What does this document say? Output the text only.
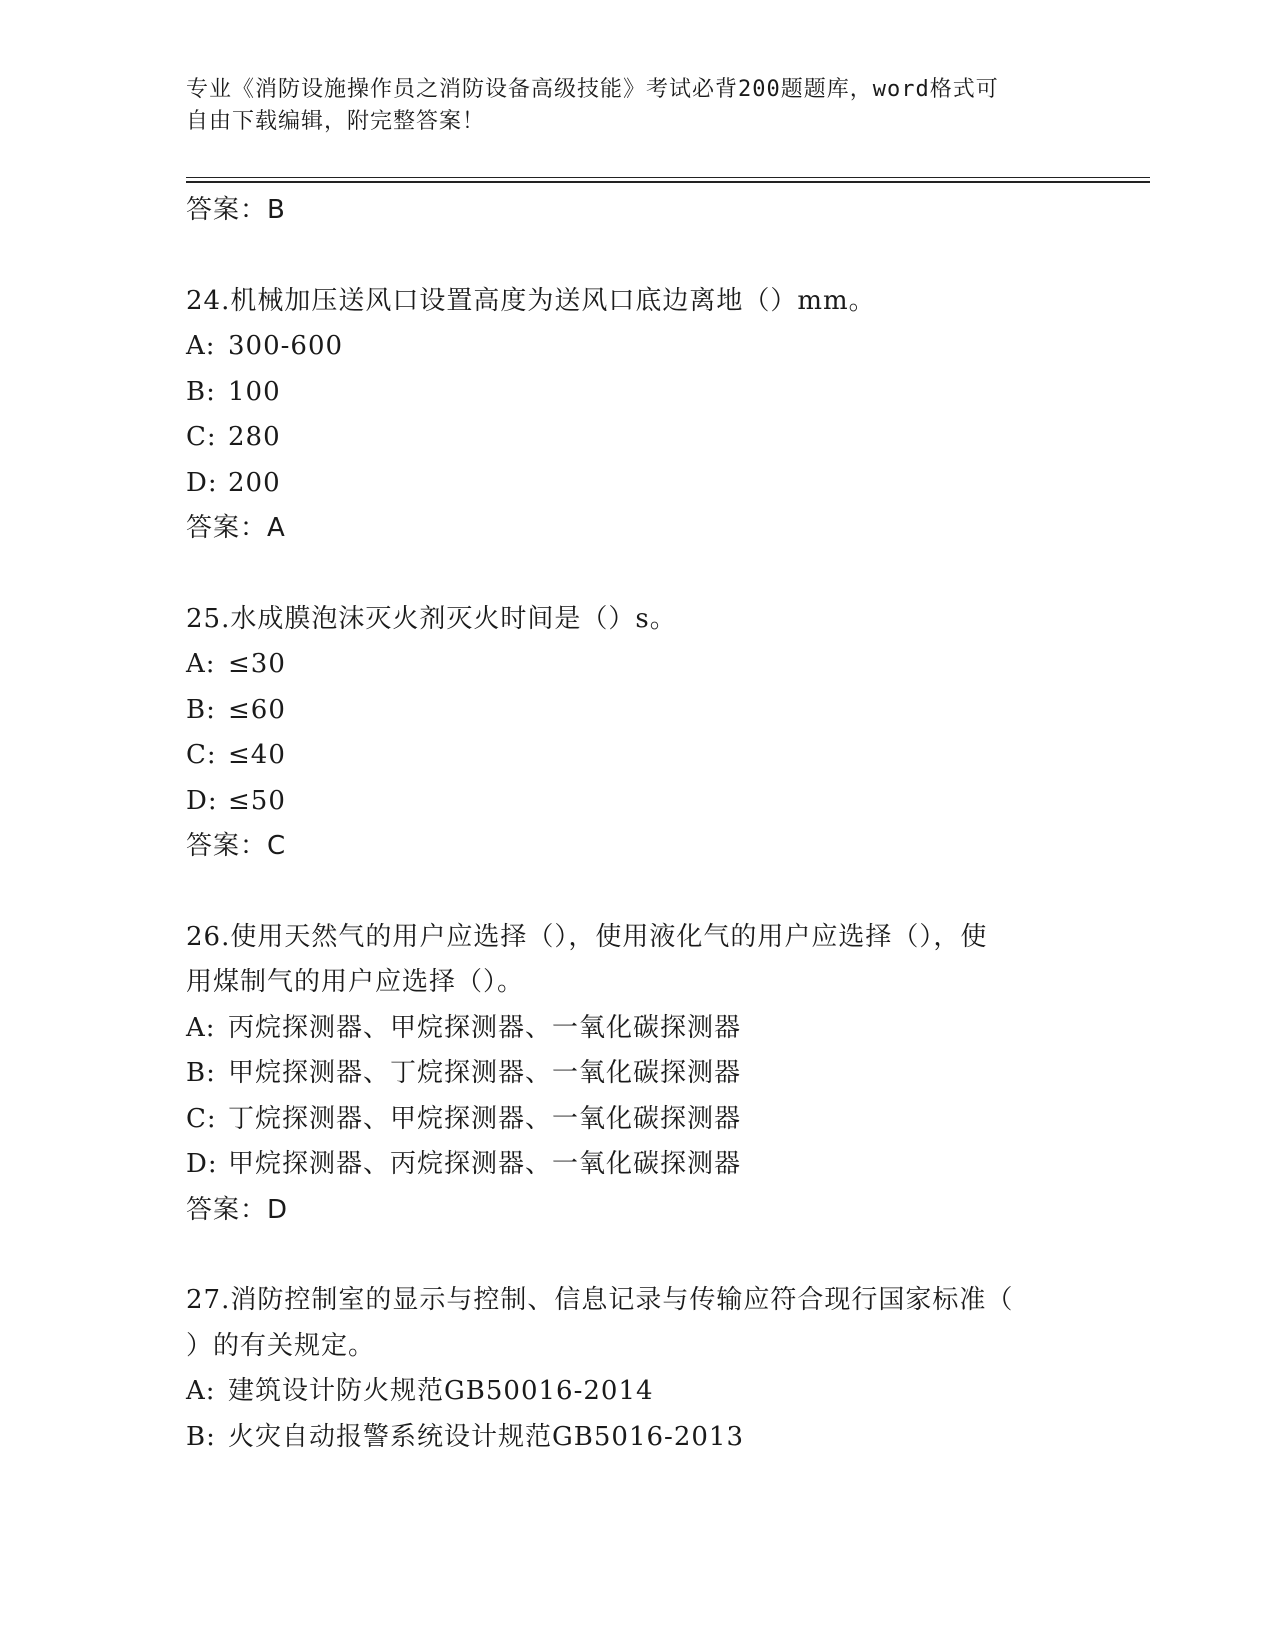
专业《消防设施操作员之消防设备高级技能》考试必背200题题库，word格式可
自由下载编辑，附完整答案！
答案：B
24.机械加压送风口设置高度为送风口底边离地（）mm。
A: 300-600
B: 100
C: 280
D: 200
答案：A
25.水成膜泡沫灭火剂灭火时间是（）s。
A: ≤30
B: ≤60
C: ≤40
D: ≤50
答案：C
26.使用天然气的用户应选择（），使用液化气的用户应选择（），使
用煤制气的用户应选择（）。
A: 丙烷探测器、甲烷探测器、一氧化碳探测器
B: 甲烷探测器、丁烷探测器、一氧化碳探测器
C: 丁烷探测器、甲烷探测器、一氧化碳探测器
D: 甲烷探测器、丙烷探测器、一氧化碳探测器
答案：D
27.消防控制室的显示与控制、信息记录与传输应符合现行国家标准（
）的有关规定。
A: 建筑设计防火规范GB50016-2014
B: 火灾自动报警系统设计规范GB5016-2013
